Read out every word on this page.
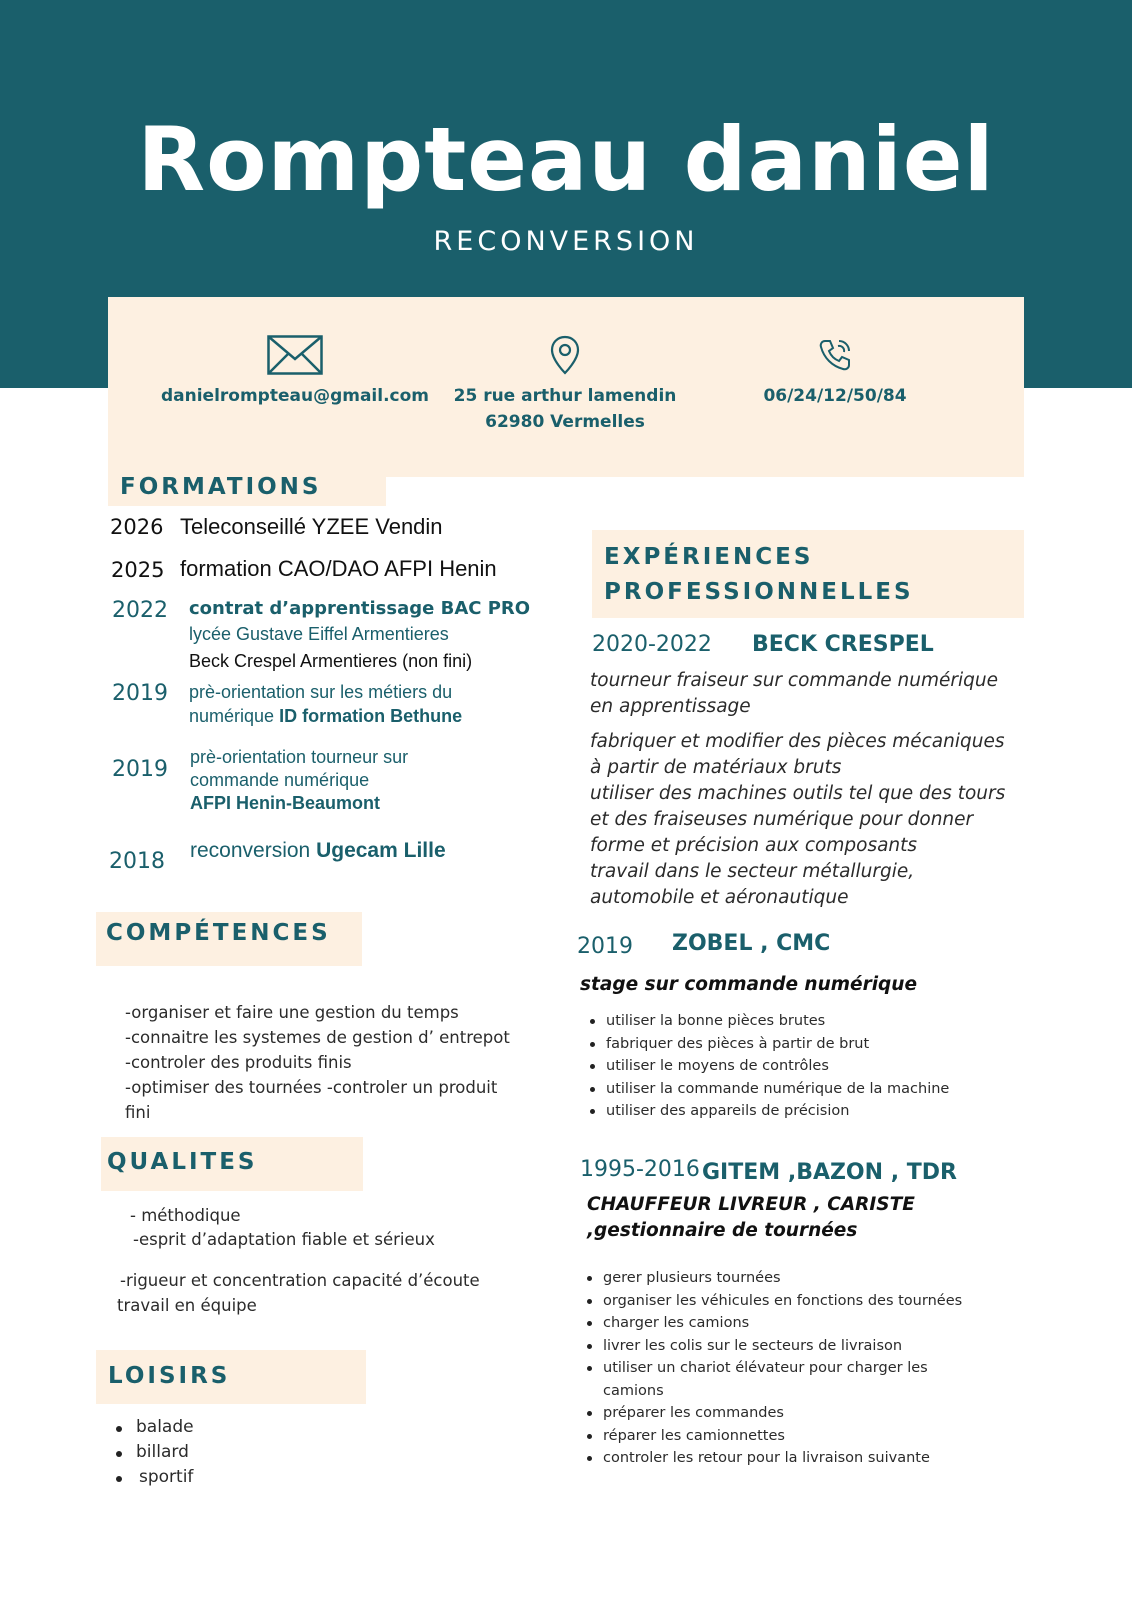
Rompteau daniel
RECONVERSION
danielrompteau@gmail.com	25 rue arthur lamendin
62980 Vermelles
06/24/12/50/84
FORMATIONS
2026 Teleconseillé YZEE Vendin
2025 formation CAO/DAO AFPI Henin
2022 contrat d’apprentissage BAC PRO
lycée Gustave Eiffel Armentieres
Beck Crespel Armentieres (non fini)
2019 prè-orientation sur les métiers du
numérique ID formation Bethune
2019 prè-orientation tourneur sur
commande numérique
AFPI Henin-Beaumont
2018 reconversion Ugecam Lille
COMPÉTENCES
-organiser et faire une gestion du temps
-connaitre les systemes de gestion d’ entrepot
-controler des produits finis
-optimiser des tournées -controler un produit
fini
QUALITES
- méthodique
-esprit d’adaptation fiable et sérieux
-rigueur et concentration capacité d’écoute
travail en équipe
LOISIRS
balade
billard
sportif
EXPÉRIENCES
PROFESSIONNELLES
2020-2022 BECK CRESPEL
tourneur fraiseur sur commande numérique
en apprentissage
fabriquer et modifier des pièces mécaniques
à partir de matériaux bruts
utiliser des machines outils tel que des tours
et des fraiseuses numérique pour donner
forme et précision aux composants
travail dans le secteur métallurgie,
automobile et aéronautique
2019 ZOBEL , CMC
stage sur commande numérique
utiliser la bonne pièces brutes
fabriquer des pièces à partir de brut
utiliser le moyens de contrôles
utiliser la commande numérique de la machine
utiliser des appareils de précision
1995-2016 GITEM ,BAZON , TDR
CHAUFFEUR LIVREUR , CARISTE
,gestionnaire de tournées
gerer plusieurs tournées
organiser les véhicules en fonctions des tournées
charger les camions
livrer les colis sur le secteurs de livraison
utiliser un chariot élévateur pour charger les
camions
préparer les commandes
réparer les camionnettes
controler les retour pour la livraison suivante
